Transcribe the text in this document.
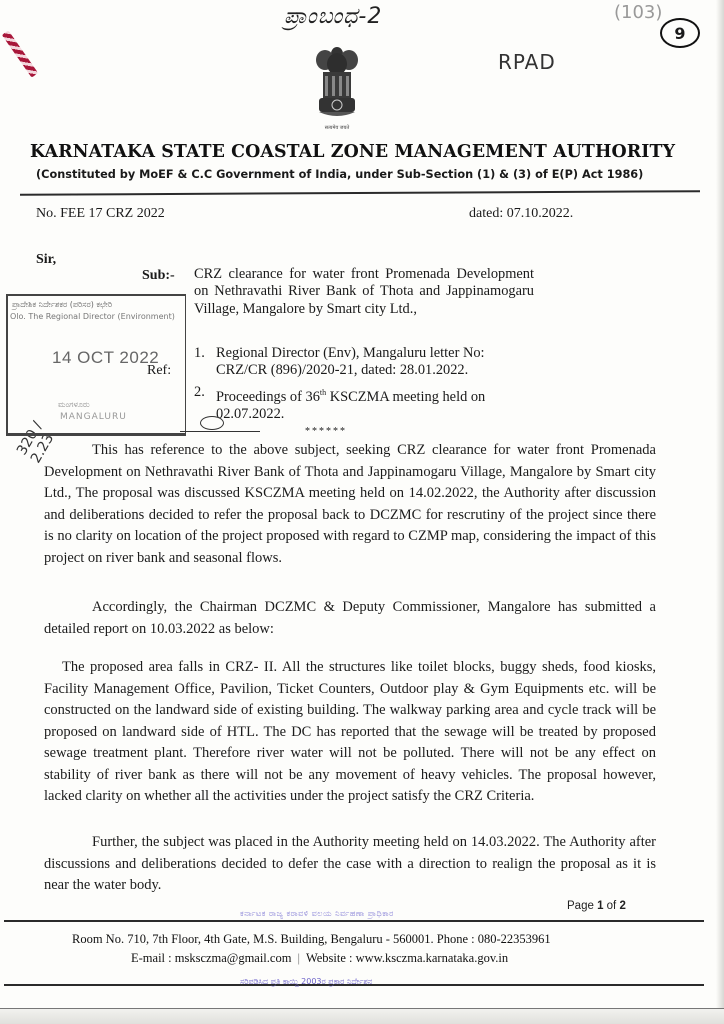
ಪ್ರಾಂಬಂಧ-2
RPAD
(103)
9
320 / 2.23
सत्यमेव जयते
KARNATAKA STATE COASTAL ZONE MANAGEMENT AUTHORITY
(Constituted by MoEF & C.C Government of India, under Sub-Section (1) & (3) of E(P) Act 1986)
No. FEE 17 CRZ 2022	dated: 07.10.2022.
Sir,
Sub:- CRZ clearance for water front Promenada Development on Nethravathi River Bank of Thota and Jappinamogaru Village, Mangalore by Smart city Ltd.,
ಪ್ರಾದೇಶಿಕ ನಿರ್ದೇಶಕರ (ಪರಿಸರ) ಕಛೇರಿ
Olo. The Regional Director (Environment)
14 OCT 2022
ಮಂಗಳೂರು
MANGALURU
Ref:
1. Regional Director (Env), Mangaluru letter No: CRZ/CR (896)/2020-21, dated: 28.01.2022.
2. Proceedings of 36th KSCZMA meeting held on 02.07.2022.
******
This has reference to the above subject, seeking CRZ clearance for water front Promenada Development on Nethravathi River Bank of Thota and Jappinamogaru Village, Mangalore by Smart city Ltd., The proposal was discussed KSCZMA meeting held on 14.02.2022, the Authority after discussion and deliberations decided to refer the proposal back to DCZMC for rescrutiny of the project since there is no clarity on location of the project proposed with regard to CZMP map, considering the impact of this project on river bank and seasonal flows.
Accordingly, the Chairman DCZMC & Deputy Commissioner, Mangalore has submitted a detailed report on 10.03.2022 as below:
The proposed area falls in CRZ- II. All the structures like toilet blocks, buggy sheds, food kiosks, Facility Management Office, Pavilion, Ticket Counters, Outdoor play & Gym Equipments etc. will be constructed on the landward side of existing building. The walkway parking area and cycle track will be proposed on landward side of HTL. The DC has reported that the sewage will be treated by proposed sewage treatment plant. Therefore river water will not be polluted. There will not be any effect on stability of river bank as there will not be any movement of heavy vehicles. The proposal however, lacked clarity on whether all the activities under the project satisfy the CRZ Criteria.
Further, the subject was placed in the Authority meeting held on 14.03.2022. The Authority after discussions and deliberations decided to defer the case with a direction to realign the proposal as it is near the water body.
Page 1 of 2
ಕರ್ನಾಟಕ ರಾಜ್ಯ ಕರಾವಳಿ ವಲಯ ನಿರ್ವಹಣಾ ಪ್ರಾಧಿಕಾರ
Room No. 710, 7th Floor, 4th Gate, M.S. Building, Bengaluru - 560001. Phone : 080-22353961
E-mail : msksczma@gmail.com | Website : www.ksczma.karnataka.gov.in
ಸರಿಪಡಿಸಿದ ಪ್ರತಿ ಕಾಯ್ದಿ 2003ರ ಪ್ರಕಾರ ನಿರ್ದೇಶನ
